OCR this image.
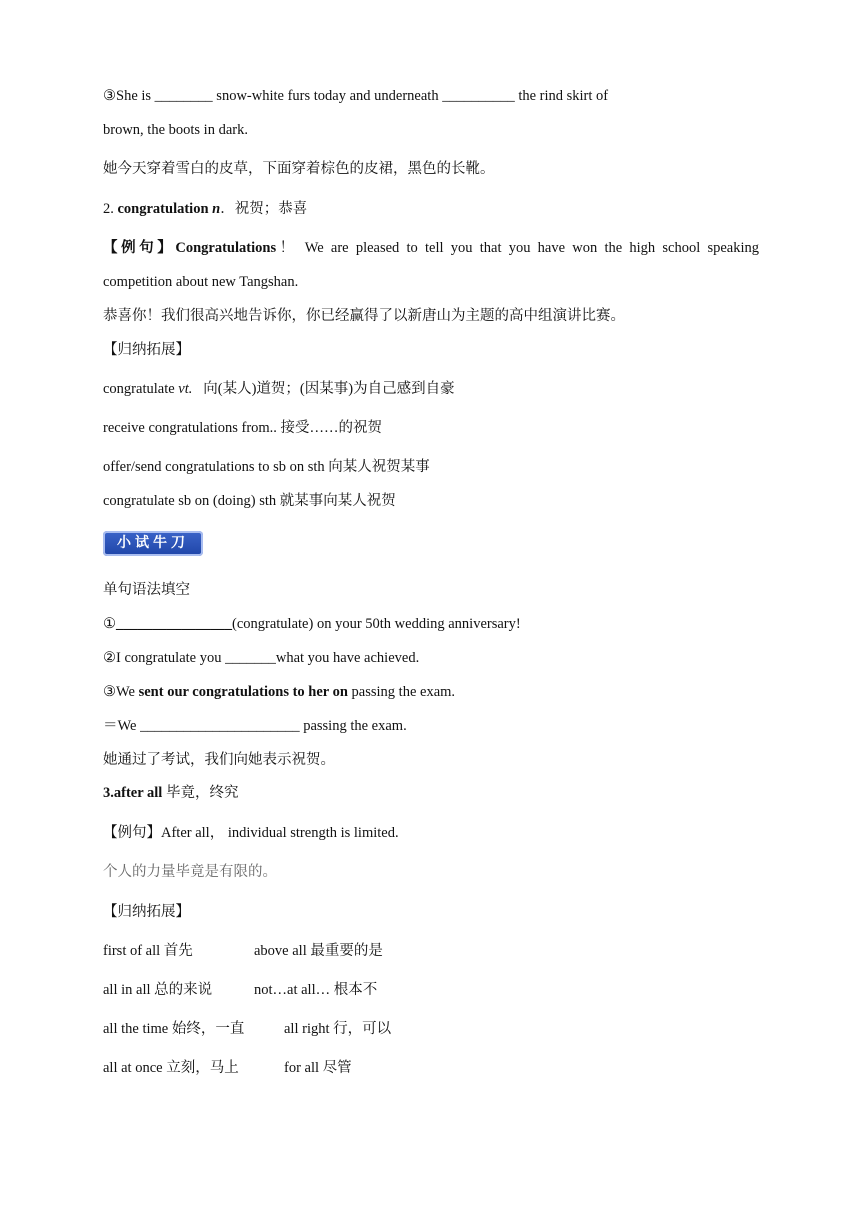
③She is ________ snow-white furs today and underneath __________ the rind skirt of
brown, the boots in dark.
她今天穿着雪白的皮草，下面穿着棕色的皮裙，黑色的长靴。
2. congratulation n．祝贺；恭喜
【例句】Congratulations！ We are pleased to tell you that you have won the high school speaking
competition about new Tangshan.
恭喜你！我们很高兴地告诉你，你已经赢得了以新唐山为主题的高中组演讲比赛。
【归纳拓展】
congratulate vt. 向(某人)道贺；(因某事)为自己感到自豪
receive congratulations from.. 接受……的祝贺
offer/send congratulations to sb on sth 向某人祝贺某事
congratulate sb on (doing) sth 就某事向某人祝贺
小试牛刀
单句语法填空
①________________(congratulate) on your 50th wedding anniversary!
②I congratulate you _______what you have achieved.
③We sent our congratulations to her on passing the exam.
＝We ______________________ passing the exam.
她通过了考试，我们向她表示祝贺。
3.after all 毕竟，终究
【例句】After all， individual strength is limited.
个人的力量毕竟是有限的。
【归纳拓展】
first of all 首先	above all 最重要的是
all in all 总的来说	not…at all… 根本不
all the time 始终，一直	all right 行，可以
all at once 立刻，马上	for all 尽管
